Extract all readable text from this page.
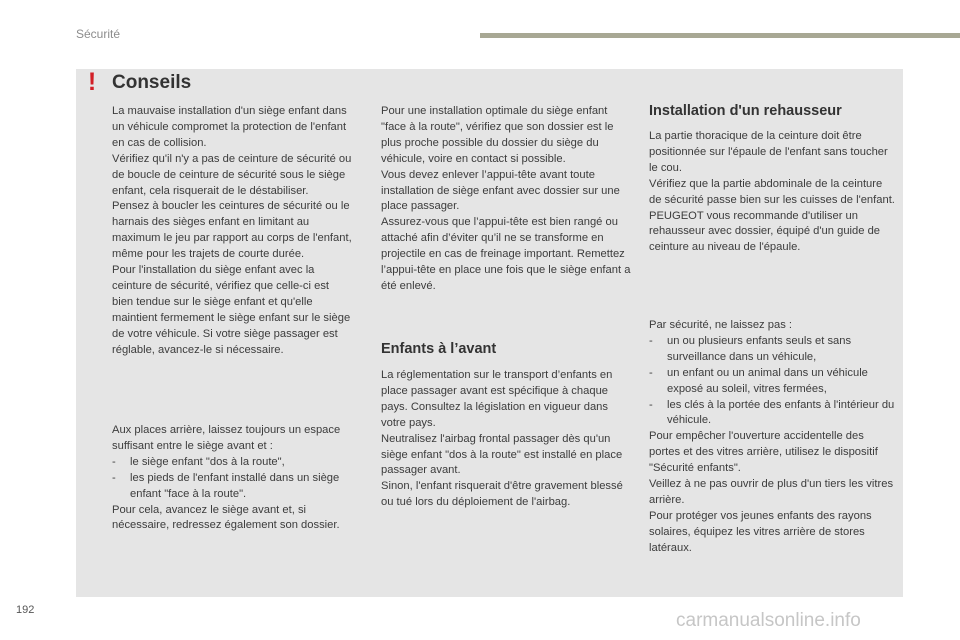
Sécurité
! Conseils

La mauvaise installation d'un siège enfant dans un véhicule compromet la protection de l'enfant en cas de collision.

Vérifiez qu'il n'y a pas de ceinture de sécurité ou de boucle de ceinture de sécurité sous le siège enfant, cela risquerait de le déstabiliser.

Pensez à boucler les ceintures de sécurité ou le harnais des sièges enfant en limitant au maximum le jeu par rapport au corps de l'enfant, même pour les trajets de courte durée.

Pour l'installation du siège enfant avec la ceinture de sécurité, vérifiez que celle-ci est bien tendue sur le siège enfant et qu'elle maintient fermement le siège enfant sur le siège de votre véhicule. Si votre siège passager est réglable, avancez-le si nécessaire.

Aux places arrière, laissez toujours un espace suffisant entre le siège avant et :

-	le siège enfant "dos à la route",
-	les pieds de l'enfant installé dans un siège enfant "face à la route".

Pour cela, avancez le siège avant et, si nécessaire, redressez également son dossier.

Pour une installation optimale du siège enfant "face à la route", vérifiez que son dossier est le plus proche possible du dossier du siège du véhicule, voire en contact si possible.

Vous devez enlever l’appui-tête avant toute installation de siège enfant avec dossier sur une place passager.

Assurez-vous que l’appui-tête est bien rangé ou attaché afin d’éviter qu’il ne se transforme en projectile en cas de freinage important. Remettez l’appui-tête en place une fois que le siège enfant a été enlevé.

Enfants à l’avant

La réglementation sur le transport d’enfants en place passager avant est spécifique à chaque pays. Consultez la législation en vigueur dans votre pays.

Neutralisez l'airbag frontal passager dès qu'un siège enfant "dos à la route" est installé en place passager avant.

Sinon, l'enfant risquerait d'être gravement blessé ou tué lors du déploiement de l'airbag.

Installation d'un rehausseur

La partie thoracique de la ceinture doit être positionnée sur l'épaule de l'enfant sans toucher le cou.

Vérifiez que la partie abdominale de la ceinture de sécurité passe bien sur les cuisses de l'enfant.

PEUGEOT vous recommande d'utiliser un rehausseur avec dossier, équipé d'un guide de ceinture au niveau de l'épaule.

Par sécurité, ne laissez pas :

-	un ou plusieurs enfants seuls et sans surveillance dans un véhicule,
-	un enfant ou un animal dans un véhicule exposé au soleil, vitres fermées,
-	les clés à la portée des enfants à l'intérieur du véhicule.

Pour empêcher l'ouverture accidentelle des portes et des vitres arrière, utilisez le dispositif "Sécurité enfants".

Veillez à ne pas ouvrir de plus d'un tiers les vitres arrière.

Pour protéger vos jeunes enfants des rayons solaires, équipez les vitres arrière de stores latéraux.

192	carmanualsonline.info
